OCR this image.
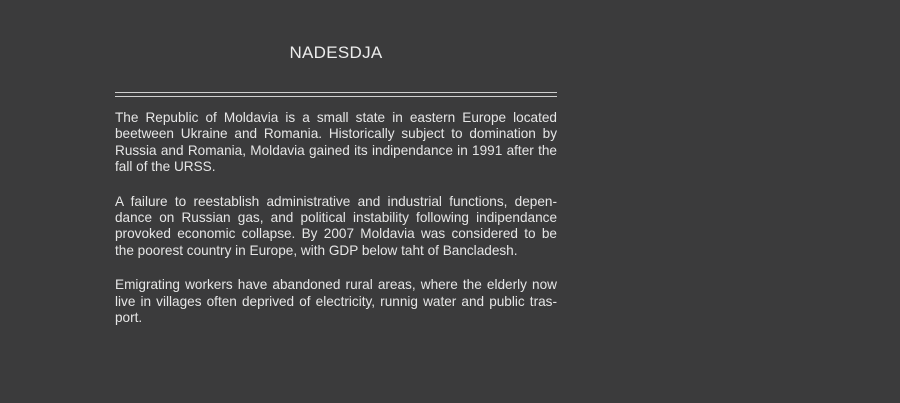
NADESDJA

The Republic of Moldavia is a small state in eastern Europe located beetween Ukraine and Romania. Historically subject to domination by Russia and Romania, Moldavia gained its indipendance in 1991 after the fall of the URSS.

A failure to reestablish administrative and industrial functions, depen-dance on Russian gas, and political instability following indipendance provoked economic collapse. By 2007 Moldavia was considered to be the poorest country in Europe, with GDP below taht of Bancladesh.

Emigrating workers have abandoned rural areas, where the elderly now live in villages often deprived of electricity, runnig water and public tras-port.
